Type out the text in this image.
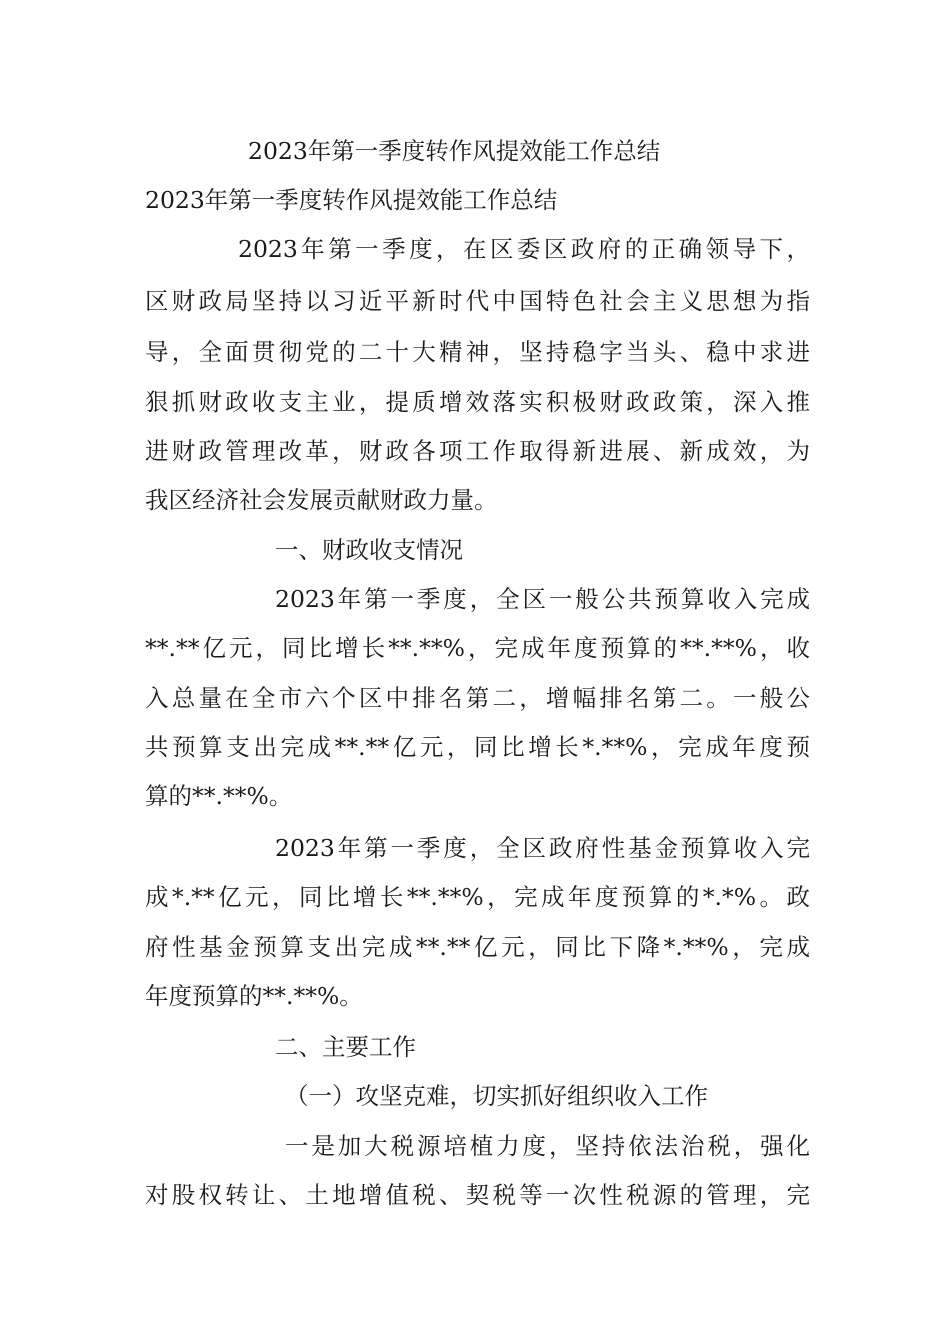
2023年第一季度转作风提效能工作总结
2023年第一季度转作风提效能工作总结
2023年第一季度，在区委区政府的正确领导下，
区财政局坚持以习近平新时代中国特色社会主义思想为指
导，全面贯彻党的二十大精神，坚持稳字当头、稳中求进
狠抓财政收支主业，提质增效落实积极财政政策，深入推
进财政管理改革，财政各项工作取得新进展、新成效，为
我区经济社会发展贡献财政力量。
一、财政收支情况
2023年第一季度，全区一般公共预算收入完成
**.**亿元，同比增长**.**%，完成年度预算的**.**%，收
入总量在全市六个区中排名第二，增幅排名第二。一般公
共预算支出完成**.**亿元，同比增长*.**%，完成年度预
算的**.**%。
2023年第一季度，全区政府性基金预算收入完
成*.**亿元，同比增长**.**%，完成年度预算的*.*%。政
府性基金预算支出完成**.**亿元，同比下降*.**%，完成
年度预算的**.**%。
二、主要工作
（一）攻坚克难，切实抓好组织收入工作
一是加大税源培植力度，坚持依法治税，强化
对股权转让、土地增值税、契税等一次性税源的管理，完
